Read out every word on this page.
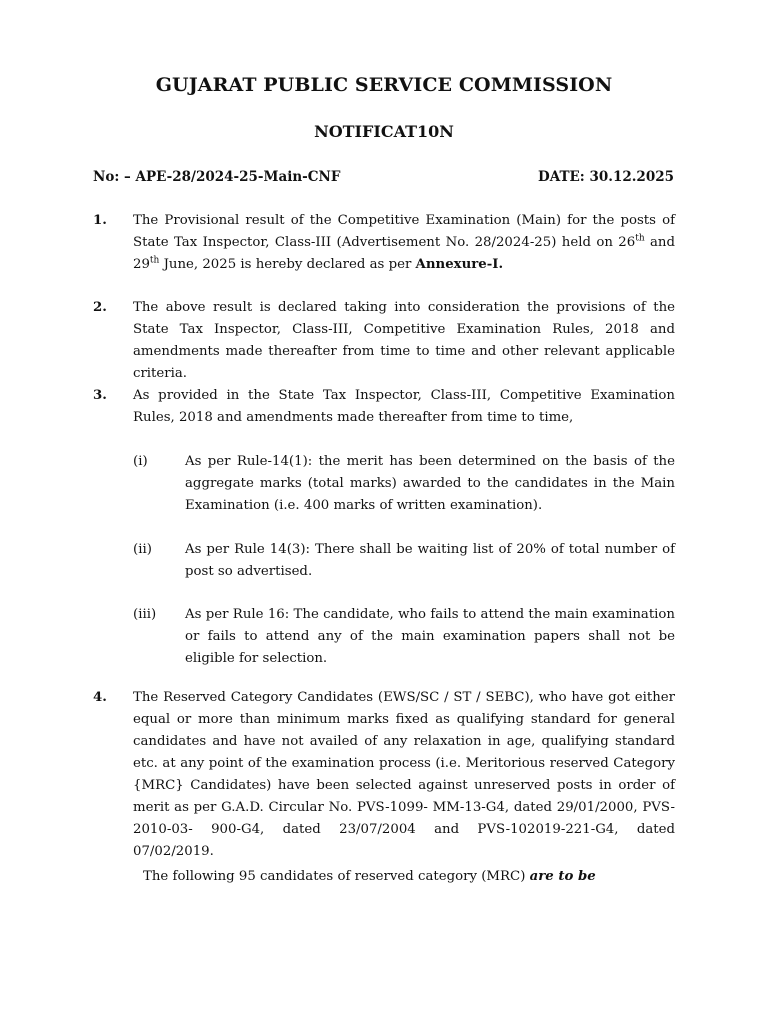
GUJARAT PUBLIC SERVICE COMMISSION
NOTIFICAT10N
No: – APE-28/2024-25-Main-CNF	DATE: 30.12.2025
1. The Provisional result of the Competitive Examination (Main) for the posts of State Tax Inspector, Class-III (Advertisement No. 28/2024-25) held on 26th and 29th June, 2025 is hereby declared as per Annexure-I.
2. The above result is declared taking into consideration the provisions of the State Tax Inspector, Class-III, Competitive Examination Rules, 2018 and amendments made thereafter from time to time and other relevant applicable criteria.
3. As provided in the State Tax Inspector, Class-III, Competitive Examination Rules, 2018 and amendments made thereafter from time to time,
(i)	As per Rule-14(1): the merit has been determined on the basis of the aggregate marks (total marks) awarded to the candidates in the Main Examination (i.e. 400 marks of written examination).
(ii) As per Rule 14(3): There shall be waiting list of 20% of total number of post so advertised.
(iii) As per Rule 16: The candidate, who fails to attend the main examination or fails to attend any of the main examination papers shall not be eligible for selection.
4. The Reserved Category Candidates (EWS/SC / ST / SEBC), who have got either equal or more than minimum marks fixed as qualifying standard for general candidates and have not availed of any relaxation in age, qualifying standard etc. at any point of the examination process (i.e. Meritorious reserved Category {MRC} Candidates) have been selected against unreserved posts in order of merit as per G.A.D. Circular No. PVS-1099- MM-13-G4, dated 29/01/2000, PVS-2010-03- 900-G4, dated 23/07/2004 and PVS-102019-221-G4, dated 07/02/2019.
The following 95 candidates of reserved category (MRC) are to be
